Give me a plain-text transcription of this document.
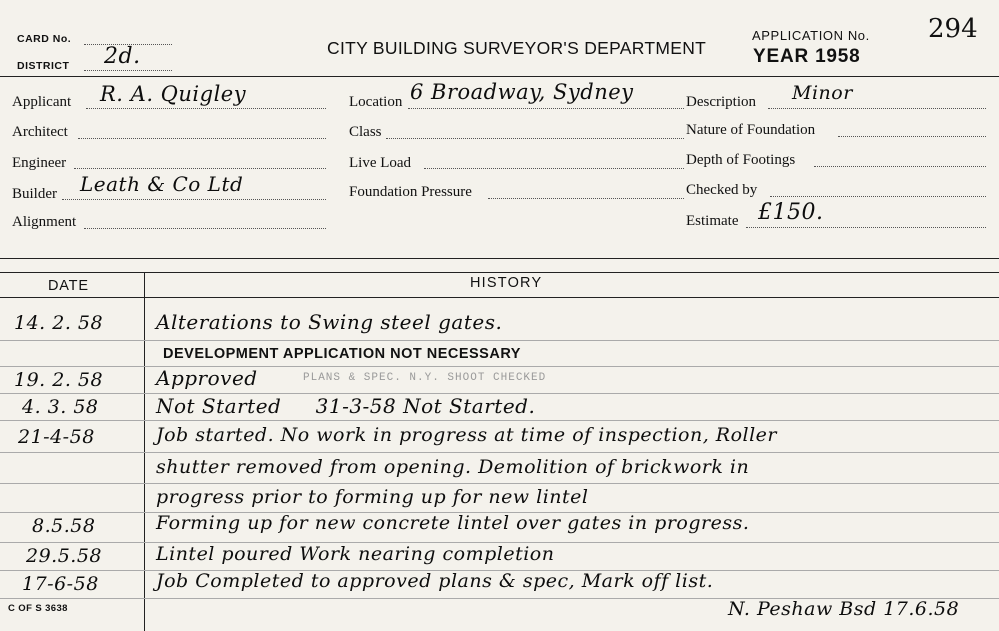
CARD No.
DISTRICT 2d.	CITY BUILDING SURVEYOR'S DEPARTMENT
APPLICATION No. 294
YEAR 1958
Applicant R. A. Quigley
Architect
Engineer
Builder Leath & Co Ltd
Alignment
Location 6 Broadway, Sydney
Class
Live Load
Foundation Pressure
Description Minor
Nature of Foundation
Depth of Footings
Checked by
Estimate £150.
DATE	HISTORY
14. 2. 58	Alterations to Swing steel gates.
DEVELOPMENT APPLICATION NOT NECESSARY
19. 2. 58	Approved	PLANS & SPEC. N.Y. SHOOT CHECKED
4. 3. 58	Not Started     31-3-58 Not Started.
21-4-58	Job started. No work in progress at time of inspection, Roller
shutter removed from opening. Demolition of brickwork in
progress prior to forming up for new lintel
8.5.58	Forming up for new concrete lintel over gates in progress.
29.5.58	Lintel poured Work nearing completion
17-6-58	Job Completed to approved plans & spec, Mark off list.
N. Peshaw Bsd 17.6.58
C OF S 3638
